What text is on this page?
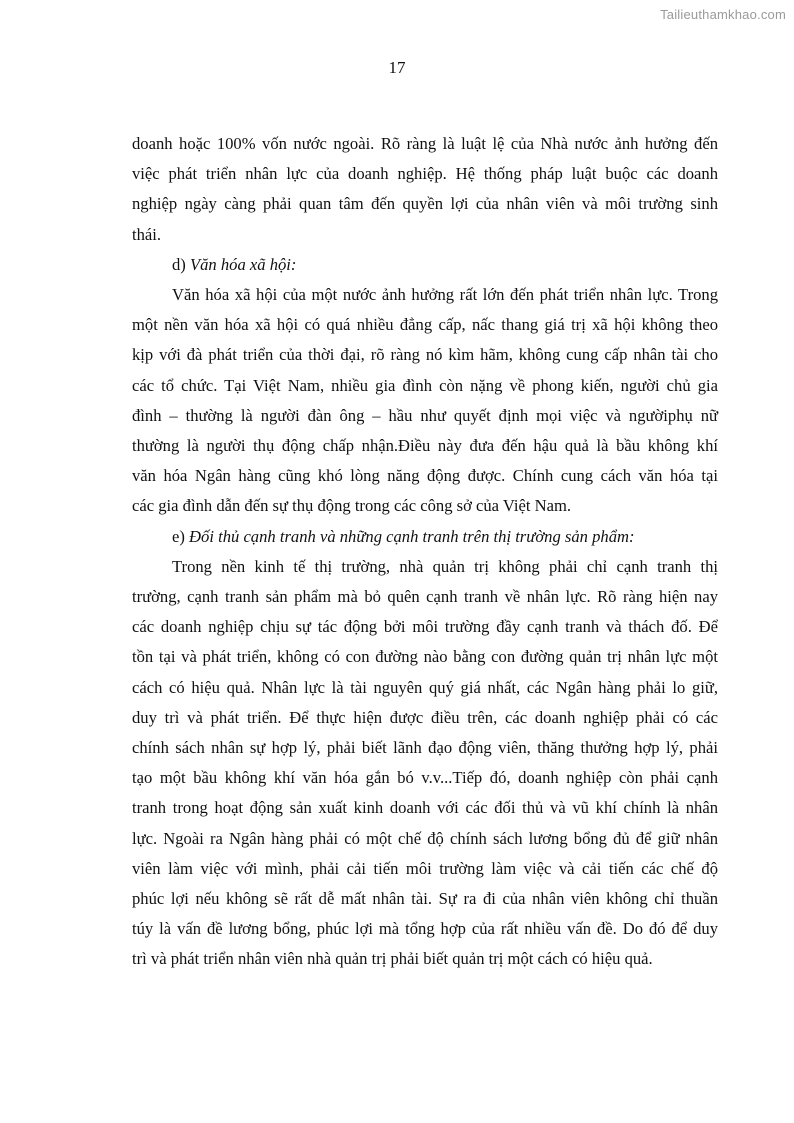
Tailieuthamkhao.com
17

doanh hoặc 100% vốn nước ngoài. Rõ ràng là luật lệ của Nhà nước ảnh hưởng đến

việc phát triển nhân lực của doanh nghiệp. Hệ thống pháp luật buộc các doanh

nghiệp ngày càng phải quan tâm đến quyền lợi của nhân viên và môi trường sinh

thái.

d) Văn hóa xã hội:

Văn hóa xã hội của một nước ảnh hưởng rất lớn đến phát triển nhân lực. Trong

một nền văn hóa xã hội có quá nhiều đẳng cấp, nấc thang giá trị xã hội không theo

kịp với đà phát triển của thời đại, rõ ràng nó kìm hãm, không cung cấp nhân tài cho

các tổ chức. Tại Việt Nam, nhiều gia đình còn nặng về phong kiến, người chủ gia

đình – thường là người đàn ông – hầu như quyết định mọi việc và ngườiphụ nữ

thường là người thụ động chấp nhận.Điều này đưa đến hậu quả là bầu không khí

văn hóa Ngân hàng cũng khó lòng năng động được. Chính cung cách văn hóa tại

các gia đình dẫn đến sự thụ động trong các công sở của Việt Nam.

e) Đối thủ cạnh tranh và những cạnh tranh trên thị trường sản phẩm:

Trong nền kinh tế thị trường, nhà quản trị không phải chỉ cạnh tranh thị

trường, cạnh tranh sản phẩm mà bỏ quên cạnh tranh về nhân lực. Rõ ràng hiện nay

các doanh nghiệp chịu sự tác động bởi môi trường đầy cạnh tranh và thách đố. Để

tồn tại và phát triển, không có con đường nào bằng con đường quản trị nhân lực một

cách có hiệu quả. Nhân lực là tài nguyên quý giá nhất, các Ngân hàng phải lo giữ,

duy trì và phát triển. Để thực hiện được điều trên, các doanh nghiệp phải có các

chính sách nhân sự hợp lý, phải biết lãnh đạo động viên, thăng thưởng hợp lý, phải

tạo một bầu không khí văn hóa gắn bó v.v...Tiếp đó, doanh nghiệp còn phải cạnh

tranh trong hoạt động sản xuất kinh doanh với các đối thủ và vũ khí chính là nhân

lực. Ngoài ra Ngân hàng phải có một chế độ chính sách lương bổng đủ để giữ nhân

viên làm việc với mình, phải cải tiến môi trường làm việc và cải tiến các chế độ

phúc lợi nếu không sẽ rất dễ mất nhân tài. Sự ra đi của nhân viên không chỉ thuần

túy là vấn đề lương bổng, phúc lợi mà tổng hợp của rất nhiều vấn đề. Do đó để duy

trì và phát triển nhân viên nhà quản trị phải biết quản trị một cách có hiệu quả.
